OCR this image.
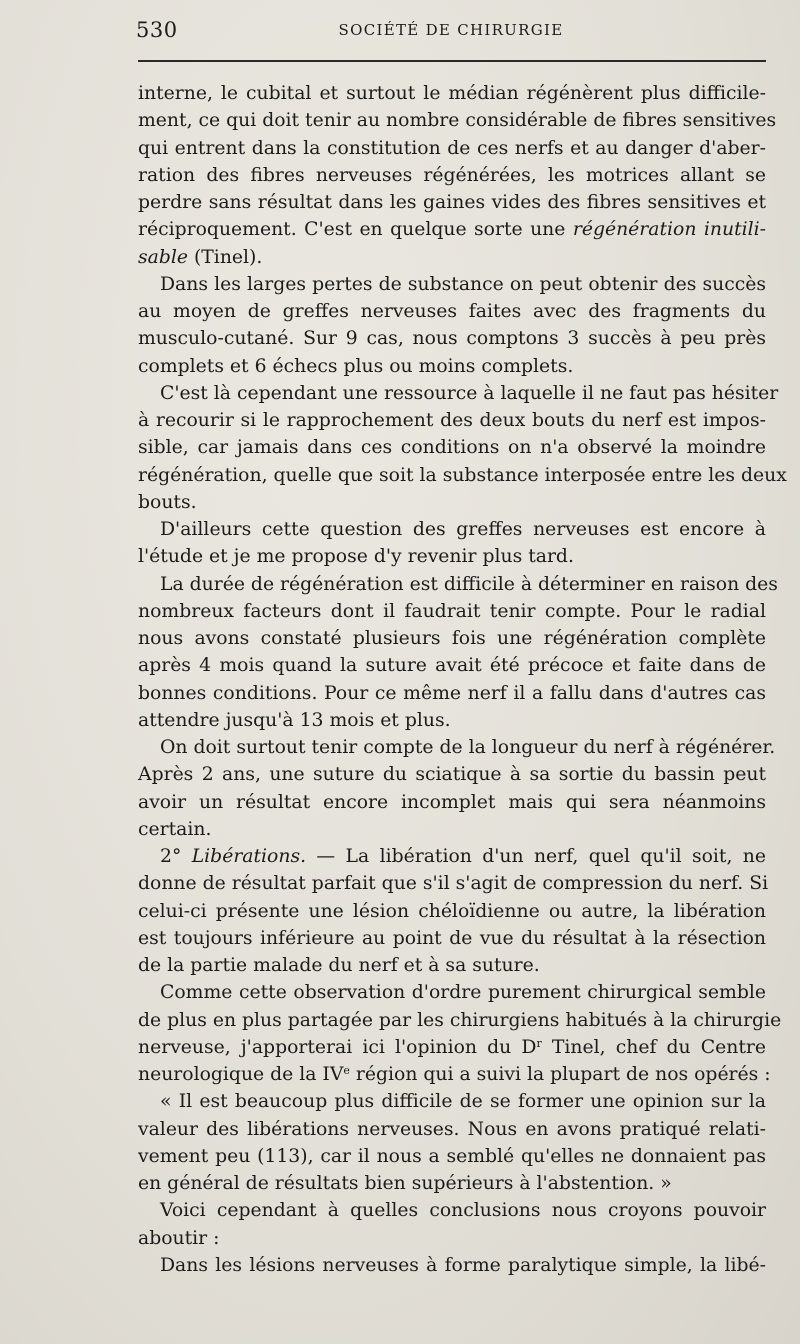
530	SOCIÉTÉ DE CHIRURGIE
interne, le cubital et surtout le médian régénèrent plus difficile-
ment, ce qui doit tenir au nombre considérable de fibres sensitives
qui entrent dans la constitution de ces nerfs et au danger d'aber-
ration des fibres nerveuses régénérées, les motrices allant se
perdre sans résultat dans les gaines vides des fibres sensitives et
réciproquement. C'est en quelque sorte une régénération inutili-
sable (Tinel).
Dans les larges pertes de substance on peut obtenir des succès
au moyen de greffes nerveuses faites avec des fragments du
musculo-cutané. Sur 9 cas, nous comptons 3 succès à peu près
complets et 6 échecs plus ou moins complets.
C'est là cependant une ressource à laquelle il ne faut pas hésiter
à recourir si le rapprochement des deux bouts du nerf est impos-
sible, car jamais dans ces conditions on n'a observé la moindre
régénération, quelle que soit la substance interposée entre les deux
bouts.
D'ailleurs cette question des greffes nerveuses est encore à
l'étude et je me propose d'y revenir plus tard.
La durée de régénération est difficile à déterminer en raison des
nombreux facteurs dont il faudrait tenir compte. Pour le radial
nous avons constaté plusieurs fois une régénération complète
après 4 mois quand la suture avait été précoce et faite dans de
bonnes conditions. Pour ce même nerf il a fallu dans d'autres cas
attendre jusqu'à 13 mois et plus.
On doit surtout tenir compte de la longueur du nerf à régénérer.
Après 2 ans, une suture du sciatique à sa sortie du bassin peut
avoir un résultat encore incomplet mais qui sera néanmoins
certain.
2° Libérations. — La libération d'un nerf, quel qu'il soit, ne
donne de résultat parfait que s'il s'agit de compression du nerf. Si
celui-ci présente une lésion chéloïdienne ou autre, la libération
est toujours inférieure au point de vue du résultat à la résection
de la partie malade du nerf et à sa suture.
Comme cette observation d'ordre purement chirurgical semble
de plus en plus partagée par les chirurgiens habitués à la chirurgie
nerveuse, j'apporterai ici l'opinion du $D^r$ Tinel, chef du Centre
neurologique de la IVe région qui a suivi la plupart de nos opérés :
« Il est beaucoup plus difficile de se former une opinion sur la
valeur des libérations nerveuses. Nous en avons pratiqué relati-
vement peu (113), car il nous a semblé qu'elles ne donnaient pas
en général de résultats bien supérieurs à l'abstention. »
Voici cependant à quelles conclusions nous croyons pouvoir
aboutir :
Dans les lésions nerveuses à forme paralytique simple, la libé-
